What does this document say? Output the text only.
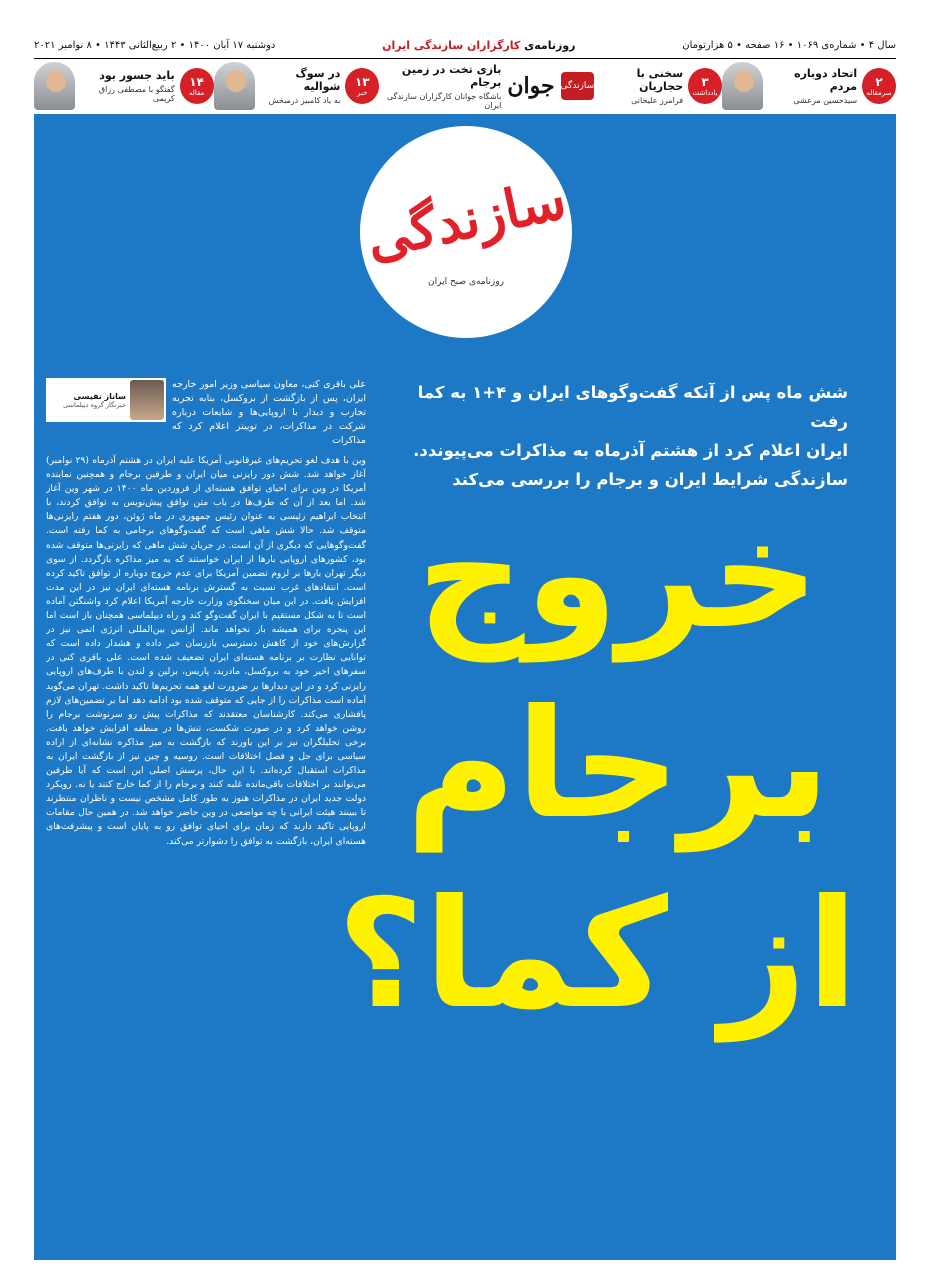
سال ۴ • شماره‌ی ۱۰۶۹ • ۱۶ صفحه • ۵ هزارتومان
روزنامه‌ی کارگزاران سازندگی ایران
دوشنبه ۱۷ آبان ۱۴۰۰ • ۲ ربیع‌الثانی ۱۴۴۳ • ۸ نوامبر ۲۰۲۱
۲
سرمقاله
اتحاد دوباره مردم
سیدحسین مرعشی
۳
یادداشت
سخنی با حجاریان
فرامرز علیخانی
سازندگی
جوان
بازی تخت در زمین برجام
باشگاه جوانان کارگزاران سازندگی ایران
۱۳
خبر
در سوگ شوالیه
به یاد کامبیز درمبخش
۱۴
مقاله
باید جسور بود
گفتگو با مصطفی رزاق کریمی
سازندگی
روزنامه‌ی صبح ایران
شش ماه پس از آنکه گفت‌وگوهای ایران و ۴+۱ به کما رفت
ایران اعلام کرد از هشتم آذرماه به مذاکرات می‌پیوندد.
سازندگی شرایط ایران و برجام را بررسی می‌کند
خروج
برجام
از کما؟
علی باقری کنی، معاون سیاسی وزیر امور خارجه ایران، پس از بازگشت از بروکسل، بنابه تجربه تجارب و دیدار با اروپایی‌ها و شایعات درباره شرکت در مذاکرات، در توییتر اعلام کرد که مذاکرات
ساناز نفیسی
خبرنگار گروه دیپلماسی
وین با هدف لغو تحریم‌های غیرقانونی آمریکا علیه ایران در هشتم آذرماه (۲۹ نوامبر) آغاز خواهد شد. شش دور رایزنی میان ایران و طرفین برجام و همچنین نماینده آمریکا در وین برای احیای توافق هسته‌ای از فروردین ماه ۱۴۰۰ در شهر وین آغاز شد. اما بعد از آن که طرف‌ها در باب متن توافق پیش‌نویس به توافق کردند، با انتخاب ابراهیم رئیسی به عنوان رئیس جمهوری در ماه ژوئن، دور هفتم رایزنی‌ها متوقف شد. حالا شش ماهی است که گفت‌وگوهای برجامی به کما رفته است. گفت‌وگوهایی که دیگری از آن است. در جریان شش ماهی که رایزنی‌ها متوقف شده بود، کشورهای اروپایی بارها از ایران خواستند که به میز مذاکره بازگردد. از سوی دیگر تهران بارها بر لزوم تضمین آمریکا برای عدم خروج دوباره از توافق تاکید کرده است. انتقادهای غرب نسبت به گسترش برنامه هسته‌ای ایران نیز در این مدت افزایش یافت. در این میان سخنگوی وزارت خارجه آمریکا اعلام کرد واشنگتن آماده است تا به شکل مستقیم با ایران گفت‌وگو کند و راه دیپلماسی همچنان باز است اما این پنجره برای همیشه باز نخواهد ماند. آژانس بین‌المللی انرژی اتمی نیز در گزارش‌های خود از کاهش دسترسی بازرسان خبر داده و هشدار داده است که توانایی نظارت بر برنامه هسته‌ای ایران تضعیف شده است. علی باقری کنی در سفرهای اخیر خود به بروکسل، مادرید، پاریس، برلین و لندن با طرف‌های اروپایی رایزنی کرد و در این دیدارها بر ضرورت لغو همه تحریم‌ها تاکید داشت. تهران می‌گوید آماده است مذاکرات را از جایی که متوقف شده بود ادامه دهد اما بر تضمین‌های لازم پافشاری می‌کند. کارشناسان معتقدند که مذاکرات پیش رو سرنوشت برجام را روشن خواهد کرد و در صورت شکست، تنش‌ها در منطقه افزایش خواهد یافت. برخی تحلیلگران نیز بر این باورند که بازگشت به میز مذاکره نشانه‌ای از اراده سیاسی برای حل و فصل اختلافات است. روسیه و چین نیز از بازگشت ایران به مذاکرات استقبال کرده‌اند. با این حال، پرسش اصلی این است که آیا طرفین می‌توانند بر اختلافات باقی‌مانده غلبه کنند و برجام را از کما خارج کنند یا نه. رویکرد دولت جدید ایران در مذاکرات هنوز به طور کامل مشخص نیست و ناظران منتظرند تا ببینند هیئت ایرانی با چه مواضعی در وین حاضر خواهد شد. در همین حال مقامات اروپایی تاکید دارند که زمان برای احیای توافق رو به پایان است و پیشرفت‌های هسته‌ای ایران، بازگشت به توافق را دشوارتر می‌کند.
